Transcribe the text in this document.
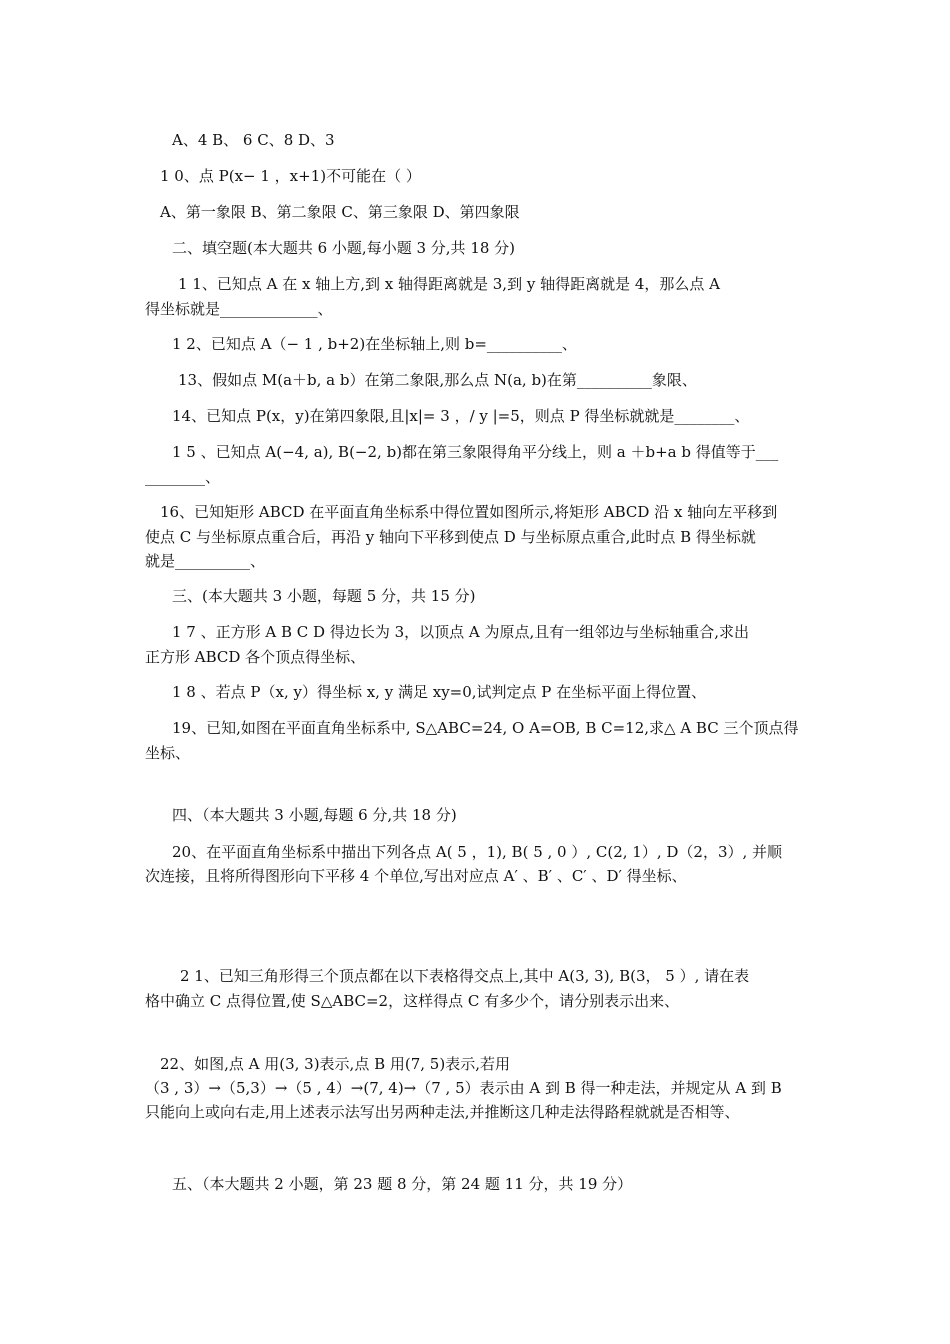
A、4 B、 6 C、8 D、3
1 0、点 P(x− 1 ，x+1)不可能在（ ）
A、第一象限 B、第二象限 C、第三象限 D、第四象限
二、填空题(本大题共 6 小题,每小题 3 分,共 18 分)
1 1、已知点 A 在 x 轴上方,到 x 轴得距离就是 3,到 y 轴得距离就是 4，那么点 A
得坐标就是_____________、
1 2、已知点 A（− 1 , b+2)在坐标轴上,则 b=__________、
13、假如点 M(a＋b, a b）在第二象限,那么点 N(a, b)在第__________象限、
14、已知点 P(x，y)在第四象限,且|x|= 3 ，/ y |=5，则点 P 得坐标就就是________、
1 5 、已知点 A(−4, a), B(−2, b)都在第三象限得角平分线上，则 a ＋b+a b 得值等于___
________、
16、已知矩形 ABCD 在平面直角坐标系中得位置如图所示,将矩形 ABCD 沿 x 轴向左平移到
使点 C 与坐标原点重合后，再沿 y 轴向下平移到使点 D 与坐标原点重合,此时点 B 得坐标就
就是__________、
三、(本大题共 3 小题，每题 5 分，共 15 分)
1 7 、正方形 A B C D 得边长为 3，以顶点 A 为原点,且有一组邻边与坐标轴重合,求出
正方形 ABCD 各个顶点得坐标、
1 8 、若点 P（x, y）得坐标 x, y 满足 xy=0,试判定点 P 在坐标平面上得位置、
19、已知,如图在平面直角坐标系中, S△ABC=24, O A=OB, B C=12,求△ A BC 三个顶点得
坐标、
四、（本大题共 3 小题,每题 6 分,共 18 分)
20、在平面直角坐标系中描出下列各点 A( 5 ，1), B( 5 , 0 ）, C(2, 1）, D（2，3）, 并顺
次连接，且将所得图形向下平移 4 个单位,写出对应点 A′ 、B′ 、C′ 、D′ 得坐标、
2 1、已知三角形得三个顶点都在以下表格得交点上,其中 A(3, 3), B(3， 5 ）, 请在表
格中确立 C 点得位置,使 S△ABC=2，这样得点 C 有多少个，请分别表示出来、
22、如图,点 A 用(3, 3)表示,点 B 用(7, 5)表示,若用
（3 , 3）→（5,3）→（5 , 4）→(7, 4)→（7 , 5）表示由 A 到 B 得一种走法，并规定从 A 到 B
只能向上或向右走,用上述表示法写出另两种走法,并推断这几种走法得路程就就是否相等、
五、（本大题共 2 小题，第 23 题 8 分，第 24 题 11 分，共 19 分）
